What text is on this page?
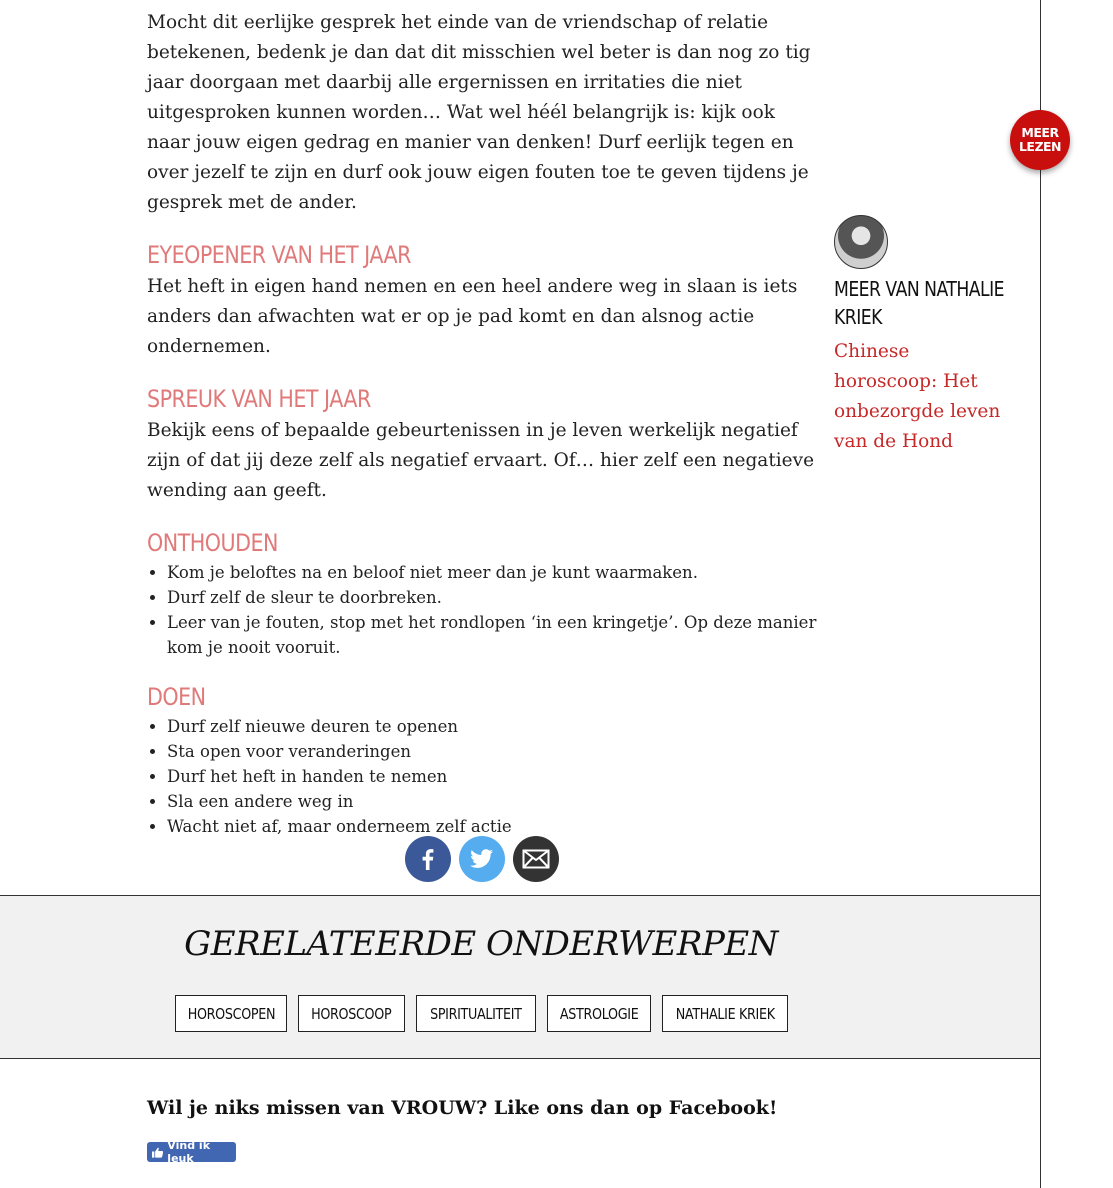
Mocht dit eerlijke gesprek het einde van de vriendschap of relatie betekenen, bedenk je dan dat dit misschien wel beter is dan nog zo tig jaar doorgaan met daarbij alle ergernissen en irritaties die niet uitgesproken kunnen worden… Wat wel héél belangrijk is: kijk ook naar jouw eigen gedrag en manier van denken! Durf eerlijk tegen en over jezelf te zijn en durf ook jouw eigen fouten toe te geven tijdens je gesprek met de ander.

EYEOPENER VAN HET JAAR

Het heft in eigen hand nemen en een heel andere weg in slaan is iets anders dan afwachten wat er op je pad komt en dan alsnog actie ondernemen.

SPREUK VAN HET JAAR

Bekijk eens of bepaalde gebeurtenissen in je leven werkelijk negatief zijn of dat jij deze zelf als negatief ervaart. Of… hier zelf een negatieve wending aan geeft.

ONTHOUDEN
• Kom je beloftes na en beloof niet meer dan je kunt waarmaken.
• Durf zelf de sleur te doorbreken.
• Leer van je fouten, stop met het rondlopen ‘in een kringetje’. Op deze manier kom je nooit vooruit.
DOEN
• Durf zelf nieuwe deuren te openen
• Sta open voor veranderingen
• Durf het heft in handen te nemen
• Sla een andere weg in
• Wacht niet af, maar onderneem zelf actie
MEER VAN NATHALIE KRIEK
Chinese horoscoop: Het onbezorgde leven van de Hond
MEER
LEZEN
GERELATEERDE ONDERWERPEN
HOROSCOPEN HOROSCOOP	SPIRITUALITEIT	ASTROLOGIE NATHALIE KRIEK

Wil je niks missen van VROUW? Like ons dan op Facebook!

Vind ik leuk
